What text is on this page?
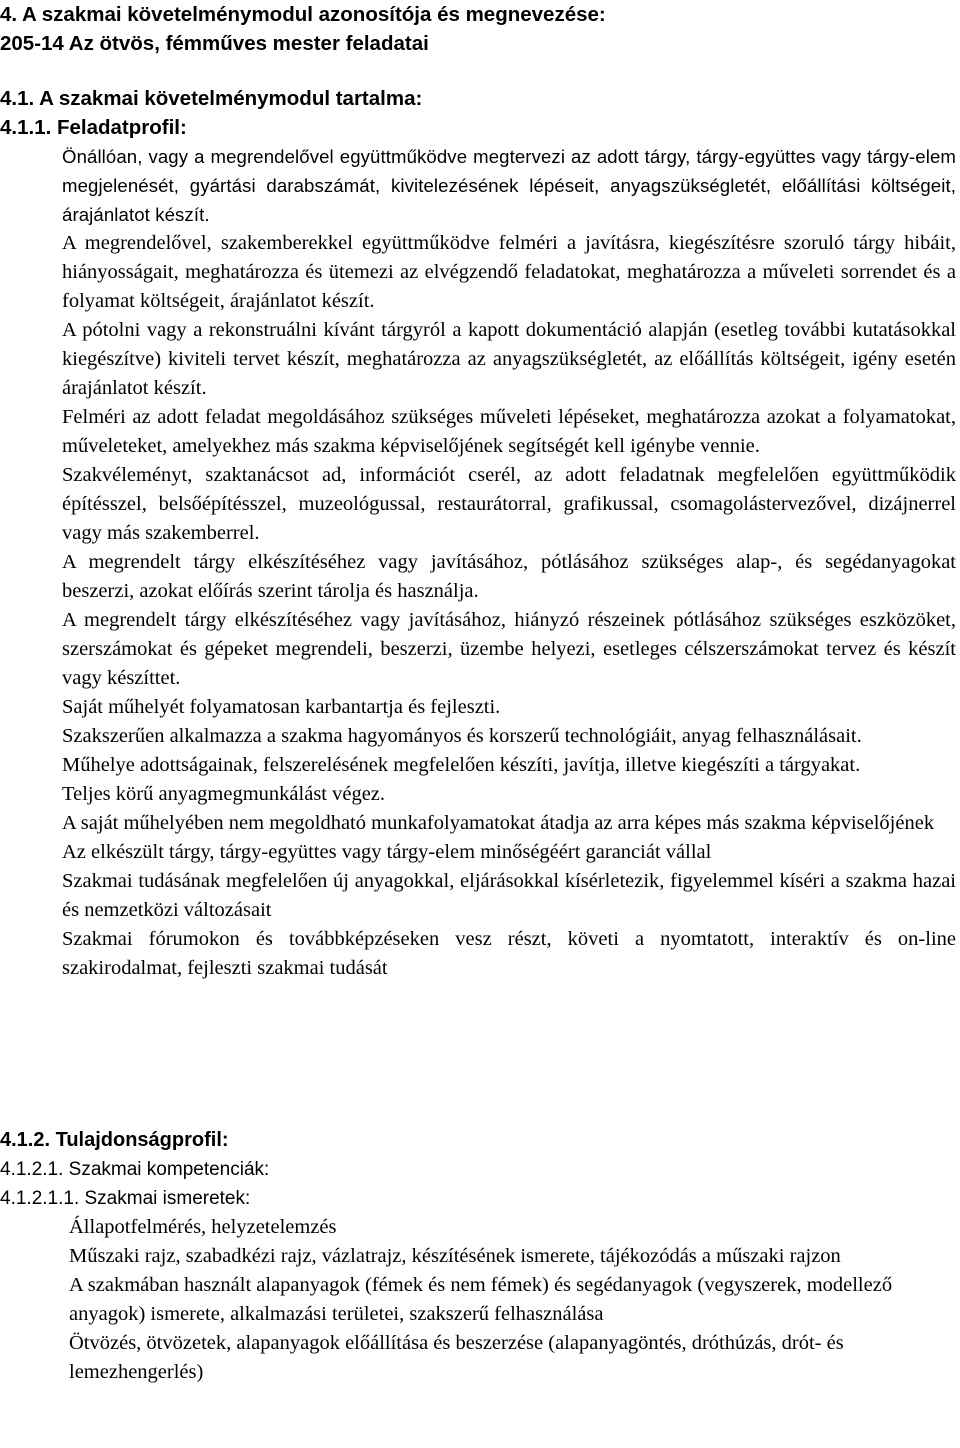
4. A szakmai követelménymodul azonosítója és megnevezése:
205-14 Az ötvös, fémműves mester feladatai
4.1. A szakmai követelménymodul tartalma:
4.1.1. Feladatprofil:

Önállóan, vagy a megrendelővel együttműködve megtervezi az adott tárgy, tárgy-együttes vagy tárgy-elem megjelenését, gyártási darabszámát, kivitelezésének lépéseit, anyagszükségletét, előállítási költségeit, árajánlatot készít.

A megrendelővel, szakemberekkel együttműködve felméri a javításra, kiegészítésre szoruló tárgy hibáit, hiányosságait, meghatározza és ütemezi az elvégzendő feladatokat, meghatározza a műveleti sorrendet és a folyamat költségeit, árajánlatot készít.

A pótolni vagy a rekonstruálni kívánt tárgyról a kapott dokumentáció alapján (esetleg további kutatásokkal kiegészítve) kiviteli tervet készít, meghatározza az anyagszükségletét, az előállítás költségeit, igény esetén árajánlatot készít.

Felméri az adott feladat megoldásához szükséges műveleti lépéseket, meghatározza azokat a folyamatokat, műveleteket, amelyekhez más szakma képviselőjének segítségét kell igénybe vennie.

Szakvéleményt, szaktanácsot ad, információt cserél, az adott feladatnak megfelelően együttműködik építésszel, belsőépítésszel, muzeológussal, restaurátorral, grafikussal, csomagolástervezővel, dizájnerrel vagy más szakemberrel.

A megrendelt tárgy elkészítéséhez vagy javításához, pótlásához szükséges alap-, és segédanyagokat beszerzi, azokat előírás szerint tárolja és használja.

A megrendelt tárgy elkészítéséhez vagy javításához, hiányzó részeinek pótlásához szükséges eszközöket, szerszámokat és gépeket megrendeli, beszerzi, üzembe helyezi, esetleges célszerszámokat tervez és készít vagy készíttet.

Saját műhelyét folyamatosan karbantartja és fejleszti.

Szakszerűen alkalmazza a szakma hagyományos és korszerű technológiáit, anyag felhasználásait.

Műhelye adottságainak, felszerelésének megfelelően készíti, javítja, illetve kiegészíti a tárgyakat.

Teljes körű anyagmegmunkálást végez.

A saját műhelyében nem megoldható munkafolyamatokat átadja az arra képes más szakma képviselőjének

Az elkészült tárgy, tárgy-együttes vagy tárgy-elem minőségéért garanciát vállal

Szakmai tudásának megfelelően új anyagokkal, eljárásokkal kísérletezik, figyelemmel kíséri a szakma hazai és nemzetközi változásait

Szakmai fórumokon és továbbképzéseken vesz részt, követi a nyomtatott, interaktív és on-line szakirodalmat, fejleszti szakmai tudását

4.1.2. Tulajdonságprofil:
4.1.2.1. Szakmai kompetenciák:
4.1.2.1.1. Szakmai ismeretek:

Állapotfelmérés, helyzetelemzés

Műszaki rajz, szabadkézi rajz, vázlatrajz, készítésének ismerete, tájékozódás a műszaki rajzon

A szakmában használt alapanyagok (fémek és nem fémek) és segédanyagok (vegyszerek, modellező anyagok) ismerete, alkalmazási területei, szakszerű felhasználása

Ötvözés, ötvözetek, alapanyagok előállítása és beszerzése (alapanyagöntés, dróthúzás, drót- és lemezhengerlés)
